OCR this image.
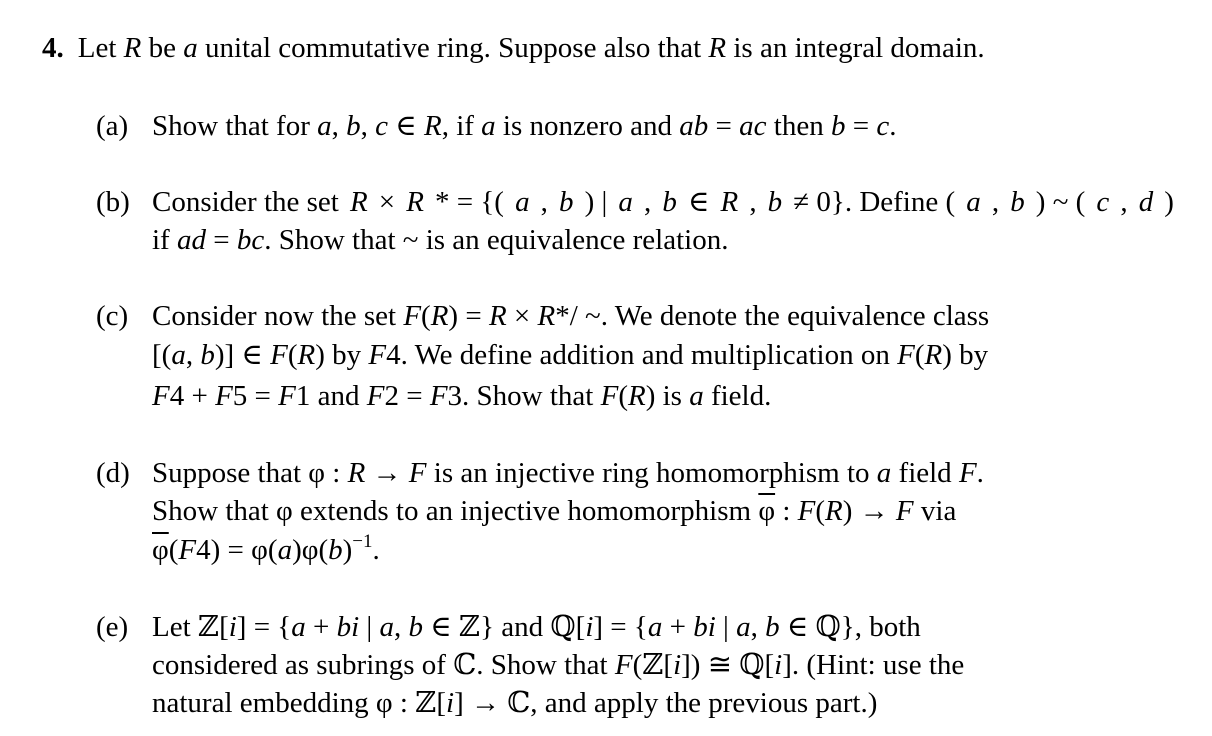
4. Let R be a unital commutative ring. Suppose also that R is an integral domain.
(a) Show that for a, b, c ∈ R, if a is nonzero and ab = ac then b = c.
(b) Consider the set R × R * = {( a , b ) | a , b ∈ R , b ≠ 0}. Define ( a , b ) ~ ( c , d )
if ad = bc. Show that ~ is an equivalence relation.
(c) Consider now the set F(R) = R × R*/ ~. We denote the equivalence class
[(a, b)] ∈ F(R) by F4. We define addition and multiplication on F(R) by
F4 + F5 = F1 and F2 = F3. Show that F(R) is a field.
(d) Suppose that φ : R → F is an injective ring homomorphism to a field F.
Show that φ extends to an injective homomorphism $\overline{\varphi}$ : F(R) → F via
$\overline{\varphi}(F4) = \varphi(a)\varphi(b)^{-1}$.
(e) Let ℤ[i] = {a + bi | a, b ∈ ℤ} and ℚ[i] = {a + bi | a, b ∈ ℚ}, both
considered as subrings of ℂ. Show that F(ℤ[i]) ≅ ℚ[i]. (Hint: use the
natural embedding φ : ℤ[i] → ℂ, and apply the previous part.)
